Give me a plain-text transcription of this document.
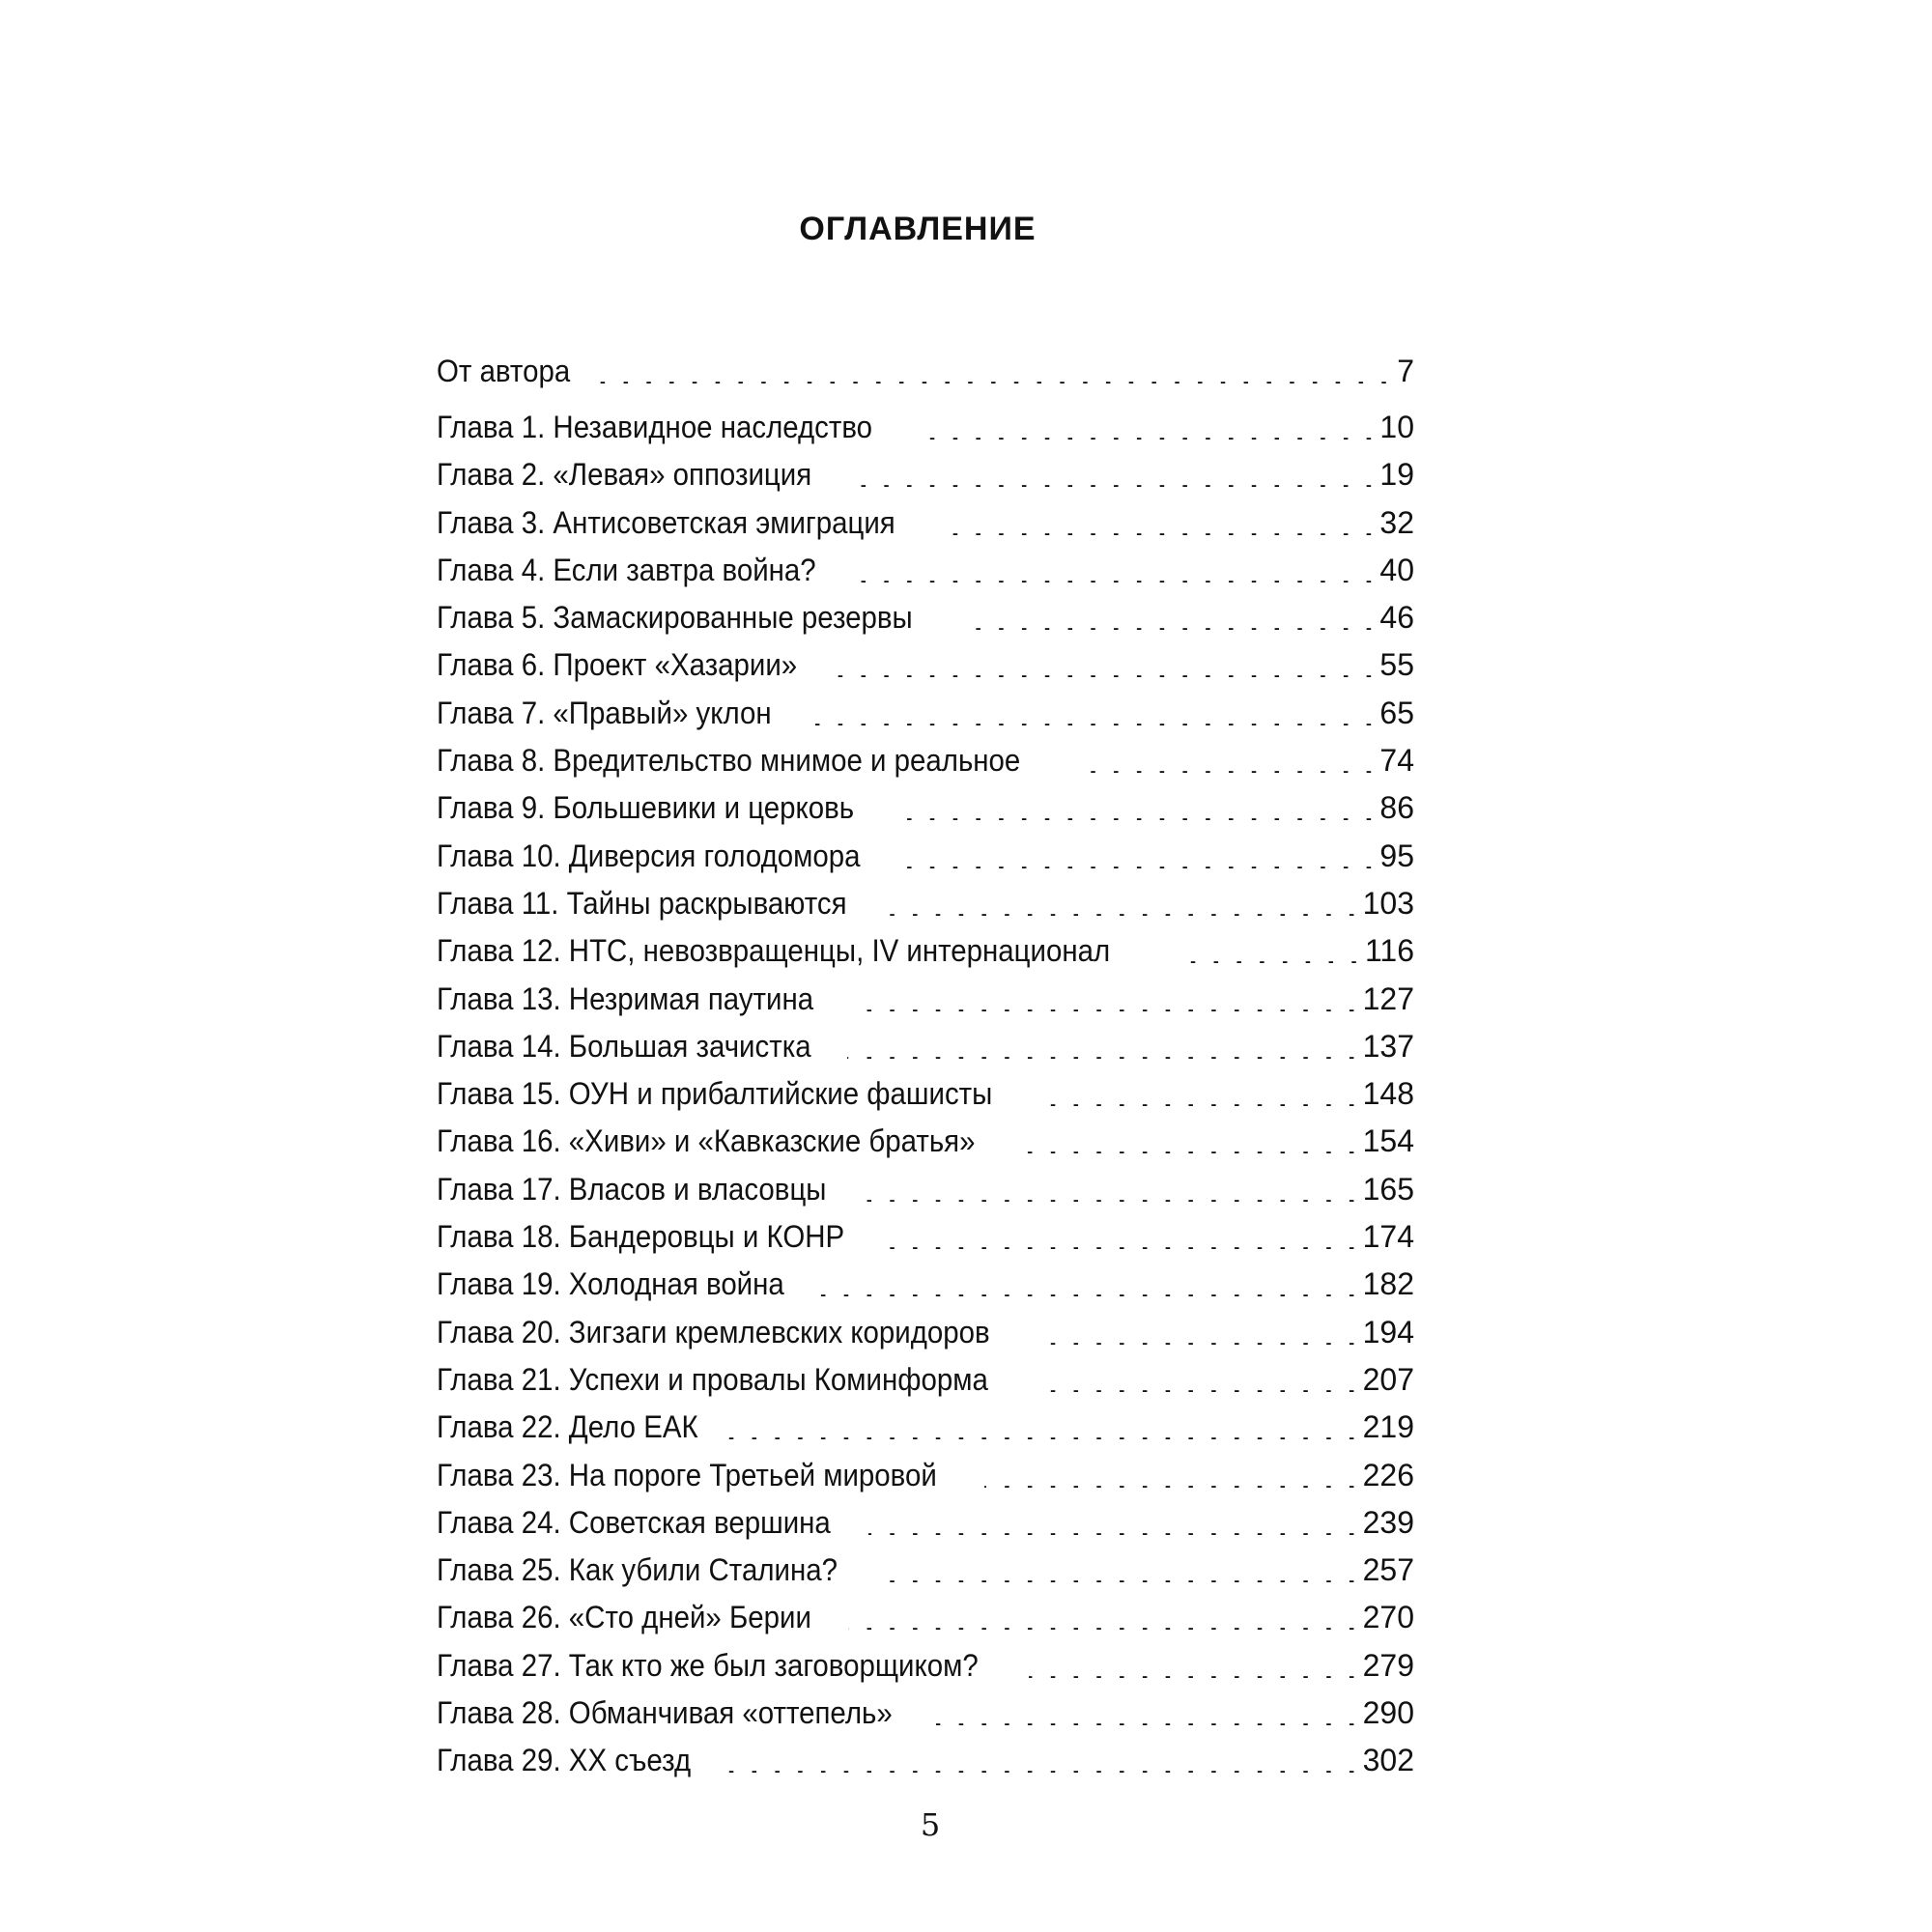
ОГЛАВЛЕНИЕ
От автора . . .	7
Глава 1. Незавидное наследство . . .	10
Глава 2. «Левая» оппозиция . . .	19
Глава 3. Антисоветская эмиграция . . .	32
Глава 4. Если завтра война? . . .	40
Глава 5. Замаскированные резервы . . .	46
Глава 6. Проект «Хазарии» . . .	55
Глава 7. «Правый» уклон . . .	65
Глава 8. Вредительство мнимое и реальное . . .	74
Глава 9. Большевики и церковь . . .	86
Глава 10. Диверсия голодомора . . .	95
Глава 11. Тайны раскрываются . . .	103
Глава 12. НТС, невозвращенцы, IV интернационал . . .	116
Глава 13. Незримая паутина . . .	127
Глава 14. Большая зачистка . . .	137
Глава 15. ОУН и прибалтийские фашисты . . .	148
Глава 16. «Хиви» и «Кавказские братья» . . .	154
Глава 17. Власов и власовцы . . .	165
Глава 18. Бандеровцы и КОНР . . .	174
Глава 19. Холодная война . . .	182
Глава 20. Зигзаги кремлевских коридоров . . .	194
Глава 21. Успехи и провалы Коминформа . . .	207
Глава 22. Дело ЕАК . . .	219
Глава 23. На пороге Третьей мировой . . .	226
Глава 24. Советская вершина . . .	239
Глава 25. Как убили Сталина? . . .	257
Глава 26. «Сто дней» Берии . . .	270
Глава 27. Так кто же был заговорщиком? . . .	279
Глава 28. Обманчивая «оттепель» . . .	290
Глава 29. XX съезд . . .	302
5
